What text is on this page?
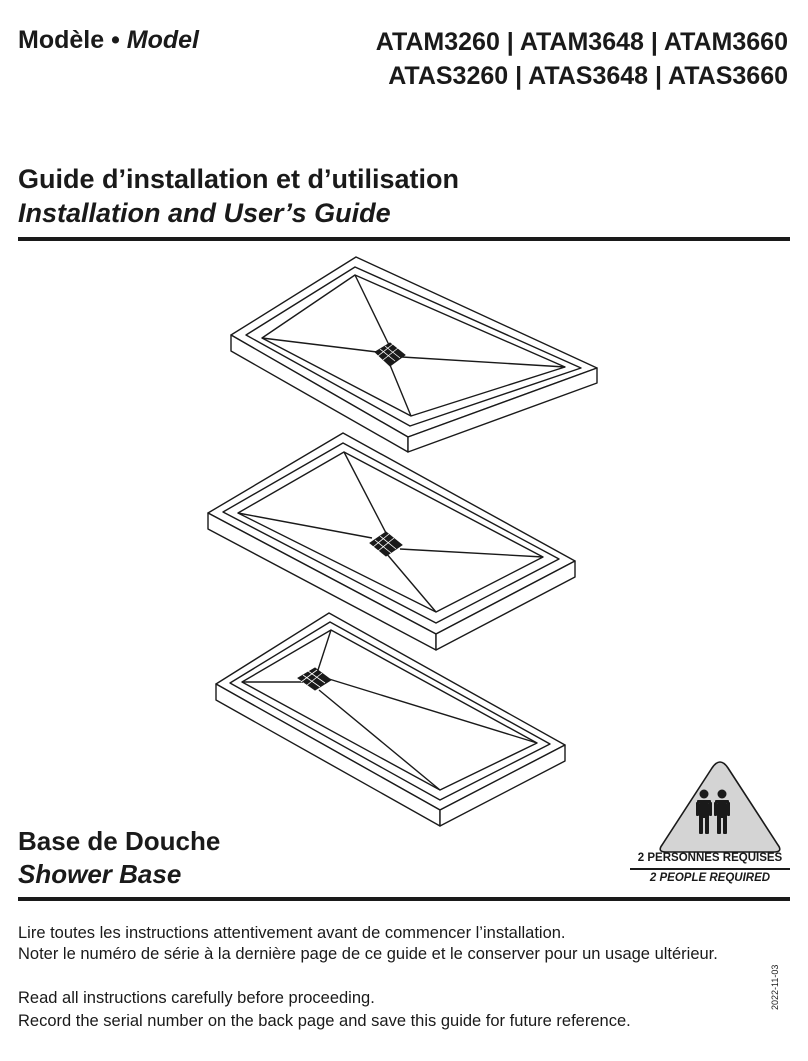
Modèle • Model	ATAM3260 | ATAM3648 | ATAM3660
ATAS3260 | ATAS3648 | ATAS3660
Guide d’installation et d’utilisation
Installation and User’s Guide
2 PERSONNES REQUISES
2 PEOPLE REQUIRED
Base de Douche
Shower Base
Lire toutes les instructions attentivement avant de commencer l’installation.
Noter le numéro de série à la dernière page de ce guide et le conserver pour un usage ultérieur.
Read all instructions carefully before proceeding.
Record the serial number on the back page and save this guide for future reference.
2022-11-03
